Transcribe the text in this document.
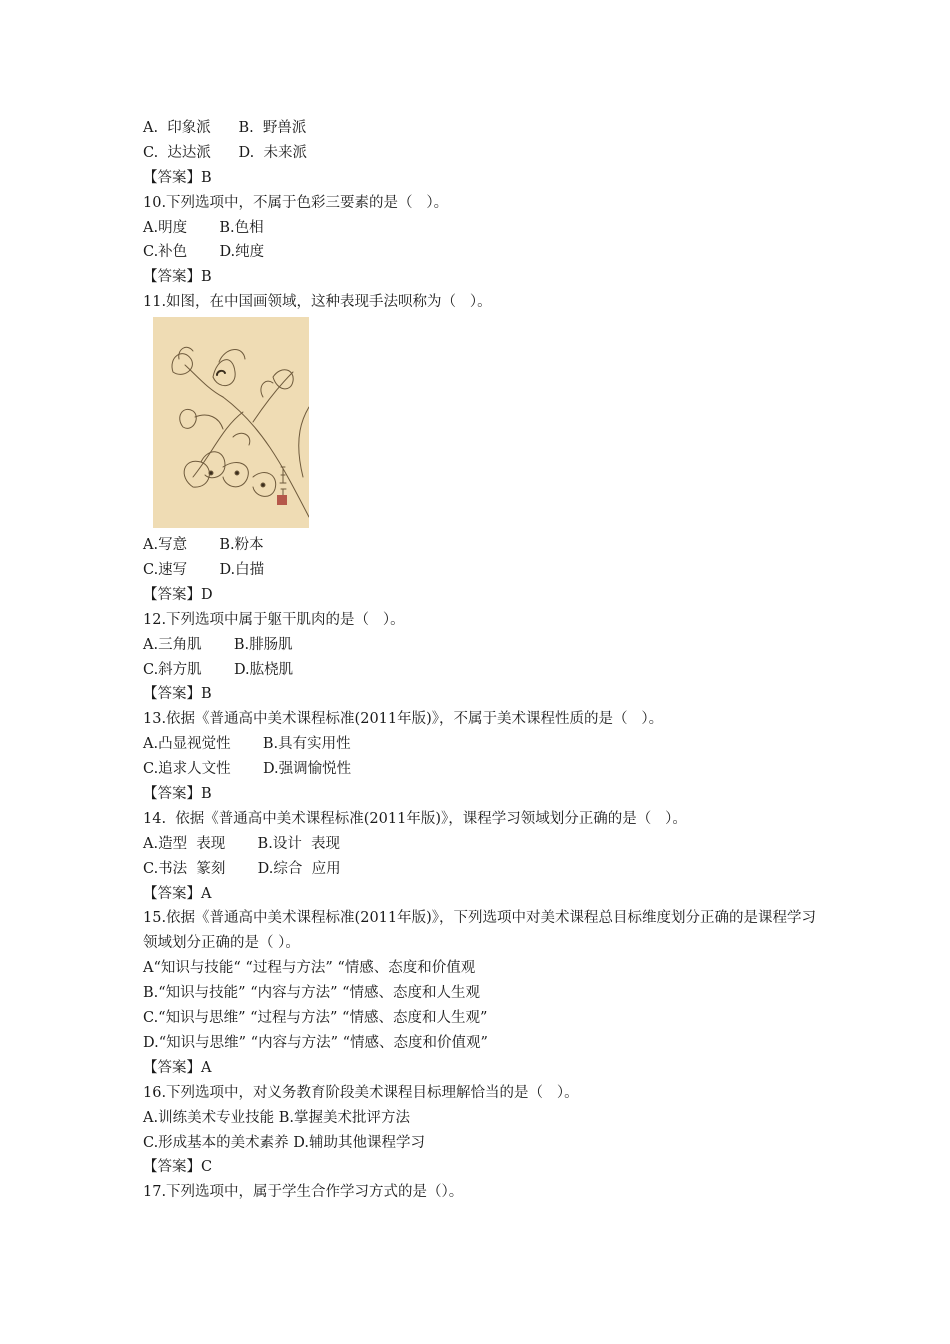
A.  印象派      B.  野兽派
C.  达达派      D.  未来派
【答案】B
10.下列选项中，不属于色彩三要素的是（   ）。
A.明度       B.色相
C.补色       D.纯度
【答案】B
11.如图，在中国画领域，这种表现手法呗称为（   ）。
A.写意       B.粉本
C.速写       D.白描
【答案】D
12.下列选项中属于躯干肌肉的是（   ）。
A.三角肌       B.腓肠肌
C.斜方肌       D.肱桡肌
【答案】B
13.依据《普通高中美术课程标准(2011年版)》，不属于美术课程性质的是（   ）。
A.凸显视觉性       B.具有实用性
C.追求人文性       D.强调愉悦性
【答案】B
14.  依据《普通高中美术课程标准(2011年版)》，课程学习领域划分正确的是（   ）。
A.造型  表现       B.设计  表现
C.书法  篆刻       D.综合  应用
【答案】A
15.依据《普通高中美术课程标准(2011年版)》，下列选项中对美术课程总目标维度划分正确的是课程学习领域划分正确的是（ ）。
A“知识与技能“ “过程与方法” “情感、态度和价值观
B.“知识与技能” “内容与方法” “情感、态度和人生观
C.“知识与思维” “过程与方法” “情感、态度和人生观”
D.“知识与思维” “内容与方法” “情感、态度和价值观”
【答案】A
16.下列选项中，对义务教育阶段美术课程目标理解恰当的是（   ）。
A.训练美术专业技能 B.掌握美术批评方法
C.形成基本的美术素养 D.辅助其他课程学习
【答案】C
17.下列选项中，属于学生合作学习方式的是（）。
